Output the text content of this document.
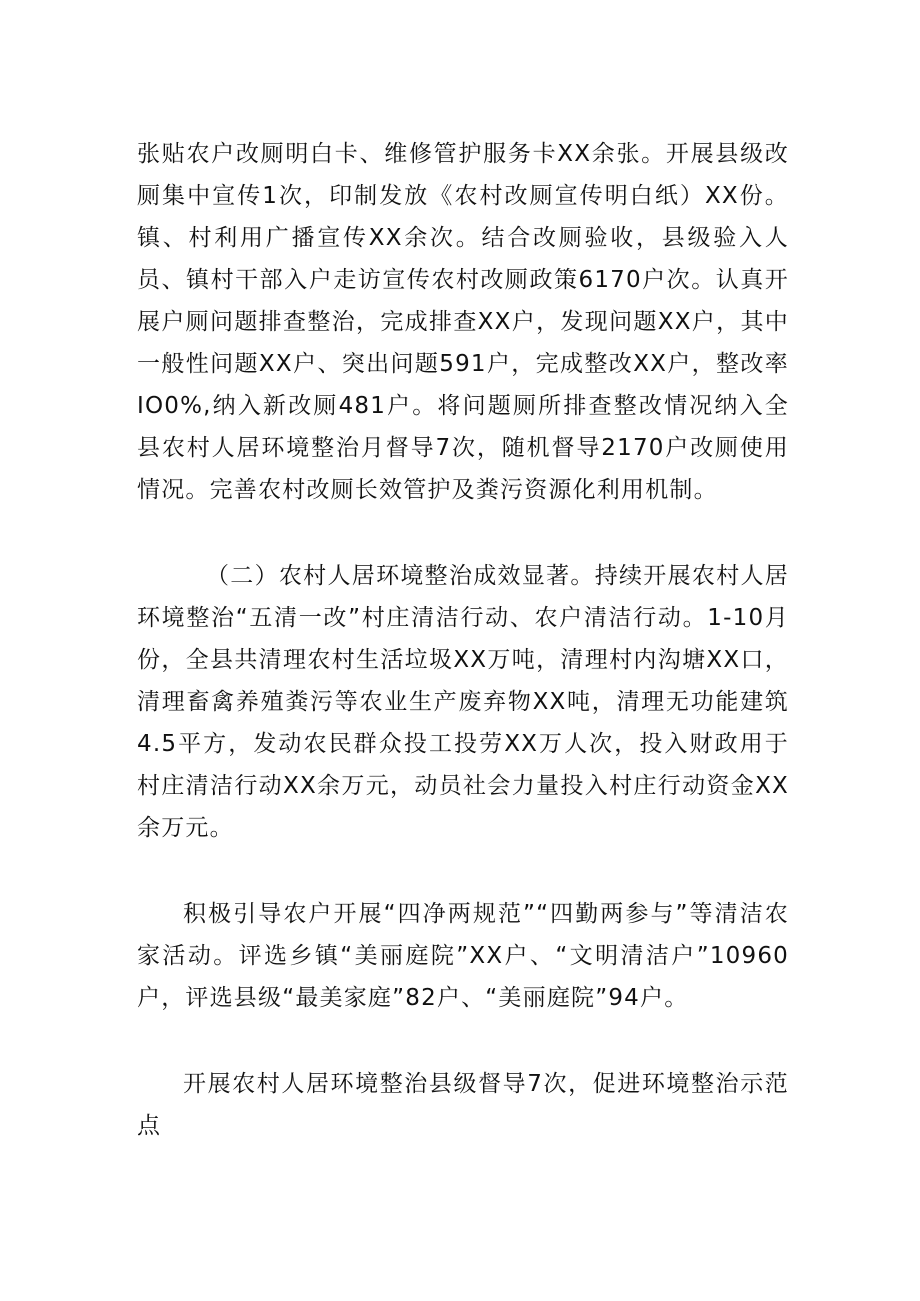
张贴农户改厕明白卡、维修管护服务卡XX余张。开展县级改厕集中宣传1次，印制发放《农村改厕宣传明白纸）XX份。镇、村利用广播宣传XX余次。结合改厕验收，县级验入人员、镇村干部入户走访宣传农村改厕政策6170户次。认真开展户厕问题排查整治，完成排查XX户，发现问题XX户，其中一般性问题XX户、突出问题591户，完成整改XX户，整改率IO0%,纳入新改厕481户。将问题厕所排查整改情况纳入全县农村人居环境整治月督导7次，随机督导2170户改厕使用情况。完善农村改厕长效管护及粪污资源化利用机制。

（二）农村人居环境整治成效显著。持续开展农村人居环境整治“五清一改”村庄清洁行动、农户清洁行动。1-10月份，全县共清理农村生活垃圾XX万吨，清理村内沟塘XX口，清理畜禽养殖粪污等农业生产废弃物XX吨，清理无功能建筑4.5平方，发动农民群众投工投劳XX万人次，投入财政用于村庄清洁行动XX余万元，动员社会力量投入村庄行动资金XX余万元。

积极引导农户开展“四净两规范”“四勤两参与”等清洁农家活动。评选乡镇“美丽庭院”XX户、“文明清洁户”10960户，评选县级“最美家庭”82户、“美丽庭院”94户。

开展农村人居环境整治县级督导7次，促进环境整治示范点
